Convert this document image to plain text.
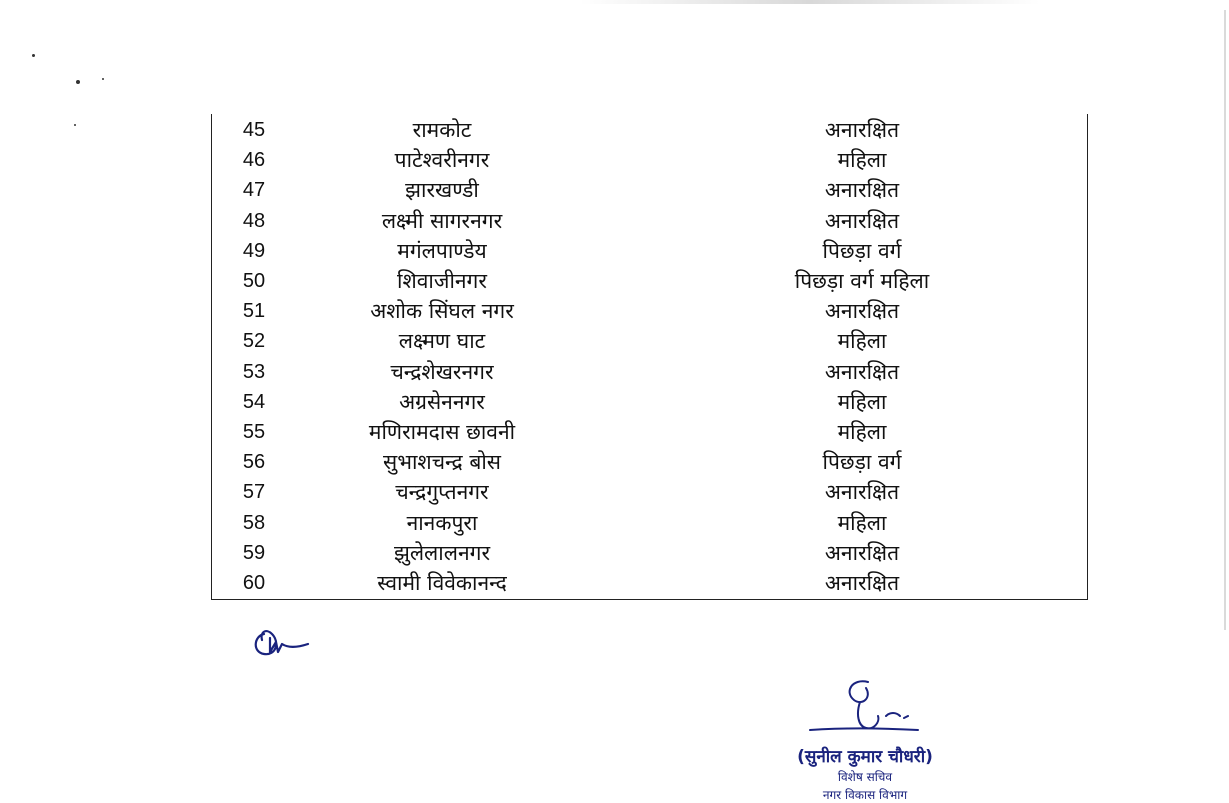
45	रामकोट	अनारक्षित
46	पाटेश्वरीनगर	महिला
47	झारखण्डी	अनारक्षित
48	लक्ष्मी सागरनगर	अनारक्षित
49	मगंलपाण्डेय	पिछड़ा वर्ग
50	शिवाजीनगर	पिछड़ा वर्ग महिला
51	अशोक सिंघल नगर	अनारक्षित
52	लक्ष्मण घाट	महिला
53	चन्द्रशेखरनगर	अनारक्षित
54	अग्रसेननगर	महिला
55	मणिरामदास छावनी	महिला
56	सुभाशचन्द्र बोस	पिछड़ा वर्ग
57	चन्द्रगुप्तनगर	अनारक्षित
58	नानकपुरा	महिला
59	झुलेलालनगर	अनारक्षित
60	स्वामी विवेकानन्द	अनारक्षित
(सुनील कुमार चौधरी)
विशेष सचिव
नगर विकास विभाग
